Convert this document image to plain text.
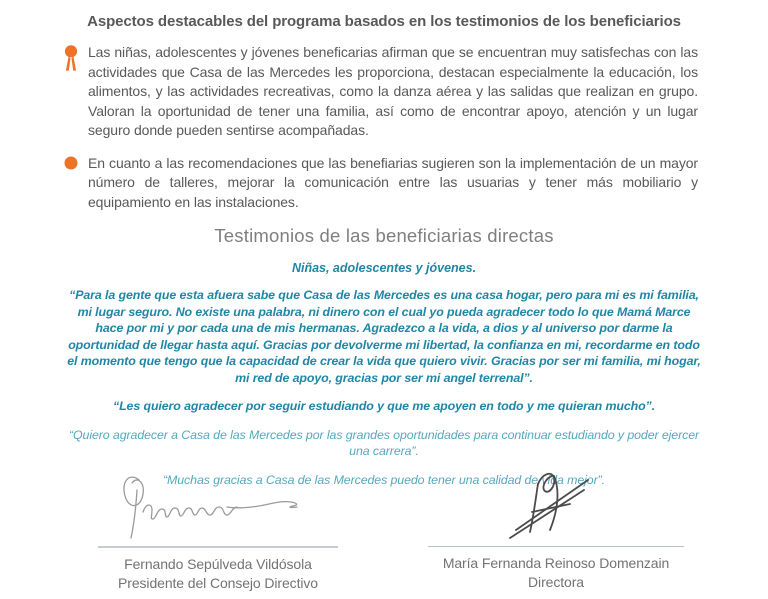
Aspectos destacables del programa basados en los testimonios de los beneficiarios

Las niñas, adolescentes y jóvenes beneficarias afirman que se encuentran muy satisfechas con las actividades que Casa de las Mercedes les proporciona, destacan especialmente la educación, los alimentos, y las actividades recreativas, como la danza aérea y las salidas que realizan en grupo. Valoran la oportunidad de tener una familia, así como de encontrar apoyo, atención y un lugar seguro donde pueden sentirse acompañadas.

En cuanto a las recomendaciones que las benefiarias sugieren son la implementación de un mayor número de talleres, mejorar la comunicación entre las usuarias y tener más mobiliario y equipamiento en las instalaciones.

Testimonios de las beneficiarias directas
Niñas, adolescentes y jóvenes.

“Para la gente que esta afuera sabe que Casa de las Mercedes es una casa hogar, pero para mi es mi familia, mi lugar seguro. No existe una palabra, ni dinero con el cual yo pueda agradecer todo lo que Mamá Marce hace por mi y por cada una de mis hermanas. Agradezco a la vida, a dios y al universo por darme la oportunidad de llegar hasta aquí. Gracias por devolverme mi libertad, la confianza en mi, recordarme en todo el momento que tengo que la capacidad de crear la vida que quiero vivir. Gracias por ser mi familia, mi hogar, mi red de apoyo, gracias por ser mi angel terrenal”.

“Les quiero agradecer por seguir estudiando y que me apoyen en todo y me quieran mucho”.

“Quiero agradecer a Casa de las Mercedes por las grandes oportunidades para continuar estudiando y poder ejercer una carrera”.

“Muchas gracias a Casa de las Mercedes puedo tener una calidad de vida mejor”.

Fernando Sepúlveda Vildósola
Presidente del Consejo Directivo
María Fernanda Reinoso Domenzain
Directora
